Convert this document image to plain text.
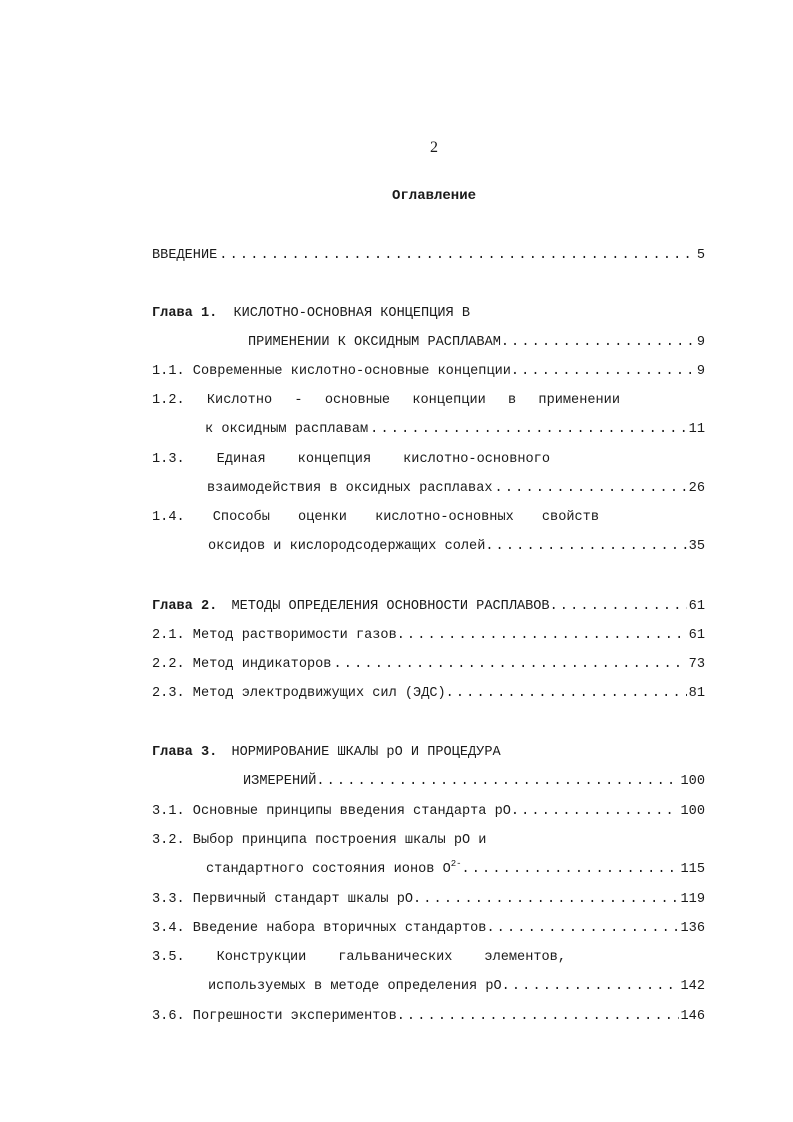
2
Оглавление
ВВЕДЕНИЕ . . .	5
Глава 1. КИСЛОТНО-ОСНОВНАЯ КОНЦЕПЦИЯ В
ПРИМЕНЕНИИ К ОКСИДНЫМ РАСПЛАВАМ. . . .	9
1.1. Современные кислотно-основные концепции. . . .	9
1.2. Кислотно - основные концепции в применении
к оксидным расплавам . . .	11
1.3. Единая концепция кислотно-основного
взаимодействия в оксидных расплавах . . .	26
1.4. Способы оценки кислотно-основных свойств
оксидов и кислородсодержащих солей. . . .	35
Глава 2. МЕТОДЫ ОПРЕДЕЛЕНИЯ ОСНОВНОСТИ РАСПЛАВОВ. . . .	61
2.1. Метод растворимости газов. . . .	61
2.2. Метод индикаторов . . .	73
2.3. Метод электродвижущих сил (ЭДС). . . .	81
Глава 3. НОРМИРОВАНИЕ ШКАЛЫ pO И ПРОЦЕДУРА
ИЗМЕРЕНИЙ. . . .	100
3.1. Основные принципы введения стандарта pO. . . .	100
3.2. Выбор принципа построения шкалы pO и
стандартного состояния ионов $O^{2-}$. . . .	115
3.3. Первичный стандарт шкалы pO. . . .	119
3.4. Введение набора вторичных стандартов. . . .	136
3.5. Конструкции гальванических элементов,
используемых в методе определения pO. . . .	142
3.6. Погрешности экспериментов. . . .	146
